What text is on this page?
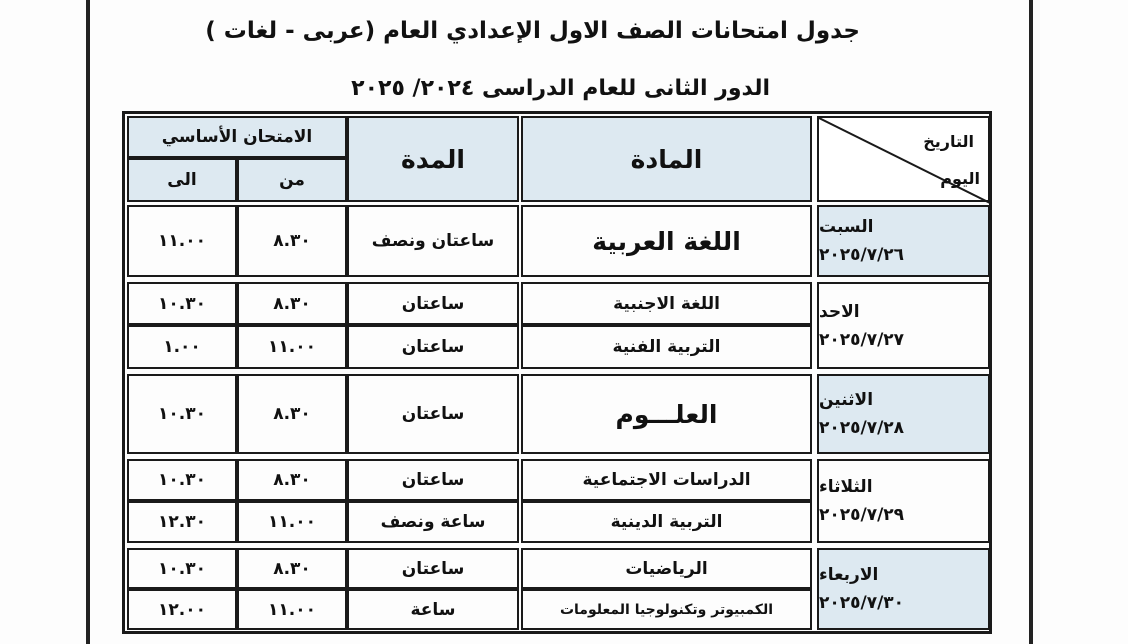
جدول امتحانات الصف الاول الإعدادي العام (عربى - لغات )
الدور الثانى للعام الدراسى ٢٠٢٤/ ٢٠٢٥
التاريخ
اليوم
المادة
المدة
الامتحان الأساسي
من
الى
السبت
٢٠٢٥/٧/٢٦
اللغة العربية
ساعتان ونصف
٨.٣٠
١١.٠٠
الاحد
٢٠٢٥/٧/٢٧
اللغة الاجنبية
ساعتان
٨.٣٠
١٠.٣٠
التربية الفنية
ساعتان
١١.٠٠
١.٠٠
الاثنين
٢٠٢٥/٧/٢٨
العلـــوم
ساعتان
٨.٣٠
١٠.٣٠
الثلاثاء
٢٠٢٥/٧/٢٩
الدراسات الاجتماعية
ساعتان
٨.٣٠
١٠.٣٠
التربية الدينية
ساعة ونصف
١١.٠٠
١٢.٣٠
الاربعاء
٢٠٢٥/٧/٣٠
الرياضيات
ساعتان
٨.٣٠
١٠.٣٠
الكمبيوتر وتكنولوجيا المعلومات
ساعة
١١.٠٠
١٢.٠٠
